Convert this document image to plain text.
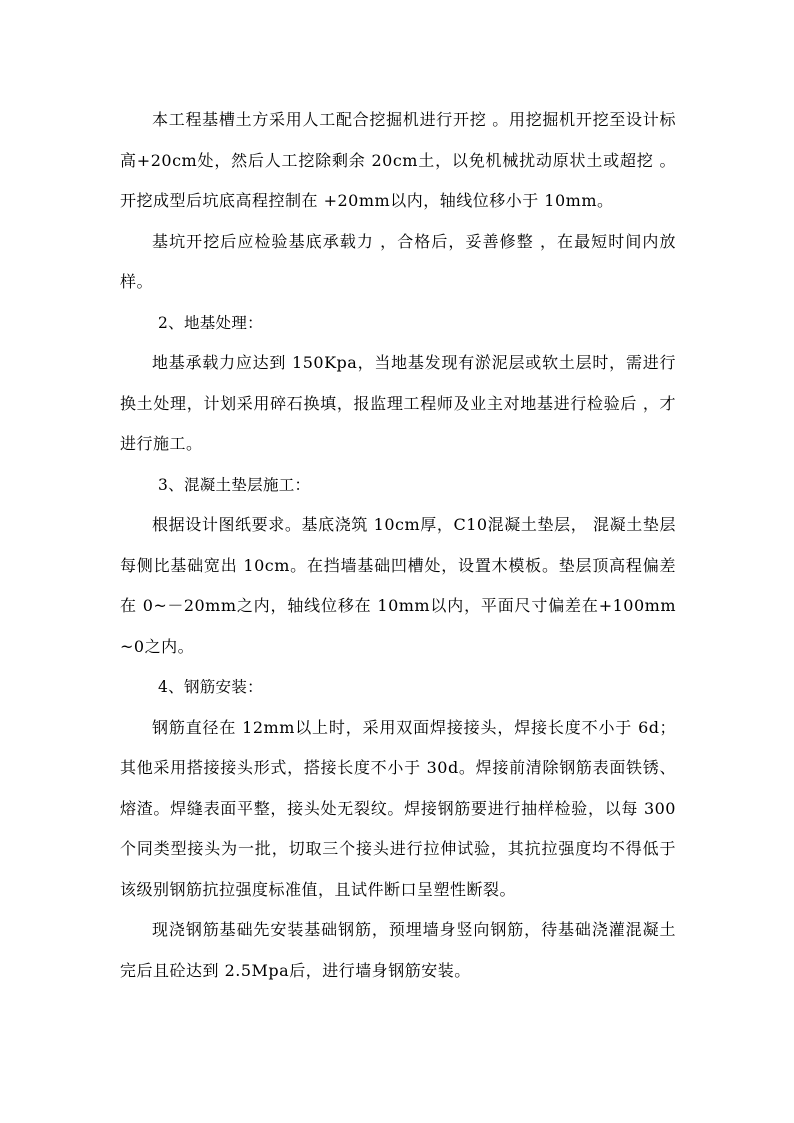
本工程基槽土方采用人工配合挖掘机进行开挖 。用挖掘机开挖至设计标高+20cm处，然后人工挖除剩余 20cm土，以免机械扰动原状土或超挖 。开挖成型后坑底高程控制在 +20mm以内，轴线位移小于 10mm。

基坑开挖后应检验基底承载力 ，合格后，妥善修整 ，在最短时间内放样。

2、地基处理：

地基承载力应达到 150Kpa，当地基发现有淤泥层或软土层时，需进行换土处理，计划采用碎石换填，报监理工程师及业主对地基进行检验后 ，才进行施工。

3、混凝土垫层施工：

根据设计图纸要求。基底浇筑 10cm厚，C10混凝土垫层， 混凝土垫层每侧比基础宽出 10cm。在挡墙基础凹槽处，设置木模板。垫层顶高程偏差在 0~－20mm之内，轴线位移在 10mm以内，平面尺寸偏差在+100mm~0之内。

4、钢筋安装：

钢筋直径在 12mm以上时，采用双面焊接接头，焊接长度不小于 6d；其他采用搭接接头形式，搭接长度不小于 30d。焊接前清除钢筋表面铁锈、熔渣。焊缝表面平整，接头处无裂纹。焊接钢筋要进行抽样检验，以每 300个同类型接头为一批，切取三个接头进行拉伸试验，其抗拉强度均不得低于该级别钢筋抗拉强度标准值，且试件断口呈塑性断裂。

现浇钢筋基础先安装基础钢筋，预埋墙身竖向钢筋，待基础浇灌混凝土完后且砼达到 2.5Mpa后，进行墙身钢筋安装。
